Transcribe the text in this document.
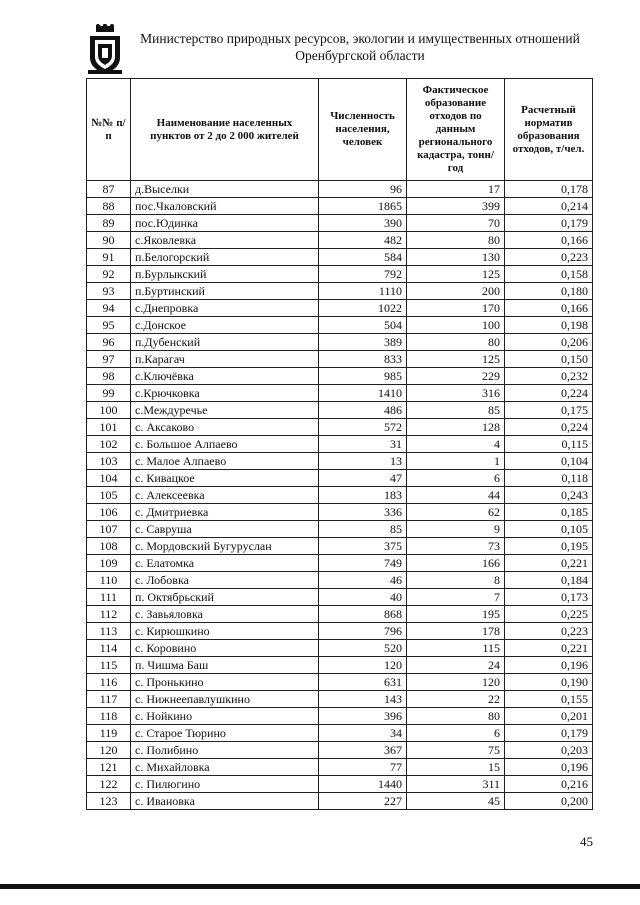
Министерство природных ресурсов, экологии и имущественных отношений
Оренбургской области
№№ п/п	Наименование населенных пунктов от 2 до 2 000 жителей	Численность населения, человек	Фактическое образование отходов по данным регионального кадастра, тонн/год	Расчетный норматив образования отходов, т/чел.
87	д.Выселки	96	17	0,178
88	пос.Чкаловский	1865	399	0,214
89	пос.Юдинка	390	70	0,179
90	с.Яковлевка	482	80	0,166
91	п.Белогорский	584	130	0,223
92	п.Бурлыкский	792	125	0,158
93	п.Буртинский	1110	200	0,180
94	с.Днепровка	1022	170	0,166
95	с.Донское	504	100	0,198
96	п.Дубенский	389	80	0,206
97	п.Карагач	833	125	0,150
98	с.Ключёвка	985	229	0,232
99	с.Крючковка	1410	316	0,224
100	с.Междуречье	486	85	0,175
101	с. Аксаково	572	128	0,224
102	с. Большое Алпаево	31	4	0,115
103	с. Малое Алпаево	13	1	0,104
104	с. Кивацкое	47	6	0,118
105	с. Алексеевка	183	44	0,243
106	с. Дмитриевка	336	62	0,185
107	с. Савруша	85	9	0,105
108	с. Мордовский Бугуруслан	375	73	0,195
109	с. Елатомка	749	166	0,221
110	с. Лобовка	46	8	0,184
111	п. Октябрьский	40	7	0,173
112	с. Завьяловка	868	195	0,225
113	с. Кирюшкино	796	178	0,223
114	с. Коровино	520	115	0,221
115	п. Чишма Баш	120	24	0,196
116	с. Пронькино	631	120	0,190
117	с. Нижнеепавлушкино	143	22	0,155
118	с. Нойкино	396	80	0,201
119	с. Старое Тюрино	34	6	0,179
120	с. Полибино	367	75	0,203
121	с. Михайловка	77	15	0,196
122	с. Пилюгино	1440	311	0,216
123	с. Ивановка	227	45	0,200
45
